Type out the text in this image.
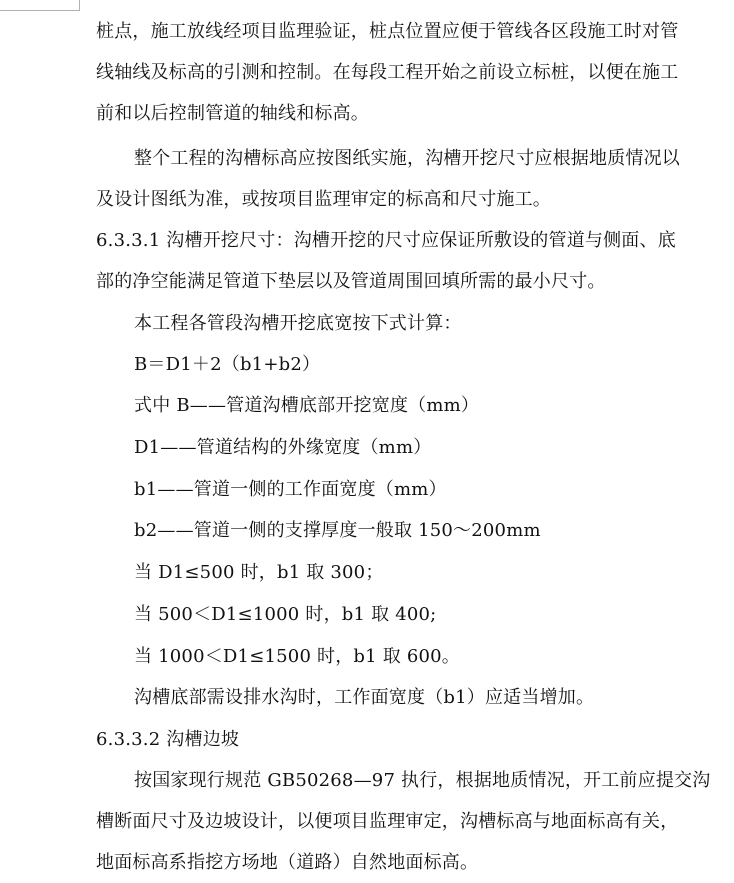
桩点，施工放线经项目监理验证，桩点位置应便于管线各区段施工时对管
线轴线及标高的引测和控制。在每段工程开始之前设立标桩，以便在施工
前和以后控制管道的轴线和标高。
整个工程的沟槽标高应按图纸实施，沟槽开挖尺寸应根据地质情况以
及设计图纸为准，或按项目监理审定的标高和尺寸施工。
6.3.3.1 沟槽开挖尺寸：沟槽开挖的尺寸应保证所敷设的管道与侧面、底
部的净空能满足管道下垫层以及管道周围回填所需的最小尺寸。
本工程各管段沟槽开挖底宽按下式计算：
B＝D1＋2（b1+b2）
式中 B——管道沟槽底部开挖宽度（mm）
D1——管道结构的外缘宽度（mm）
b1——管道一侧的工作面宽度（mm）
b2——管道一侧的支撑厚度一般取 150～200mm
当 D1≤500 时，b1 取 300；
当 500＜D1≤1000 时，b1 取 400;
当 1000＜D1≤1500 时，b1 取 600。
沟槽底部需设排水沟时，工作面宽度（b1）应适当增加。
6.3.3.2 沟槽边坡
按国家现行规范 GB50268—97 执行，根据地质情况，开工前应提交沟
槽断面尺寸及边坡设计，以便项目监理审定，沟槽标高与地面标高有关，
地面标高系指挖方场地（道路）自然地面标高。
